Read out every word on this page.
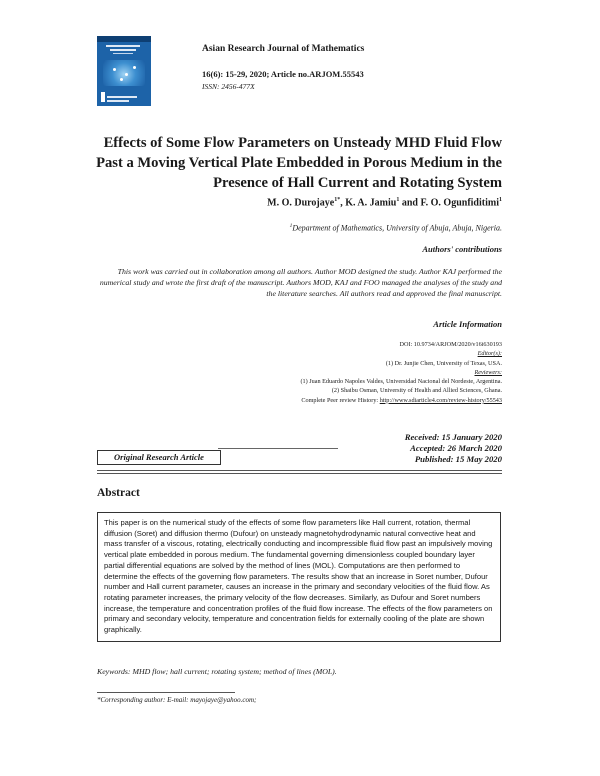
Asian Research Journal of Mathematics
16(6): 15-29, 2020; Article no.ARJOM.55543
ISSN: 2456-477X
Effects of Some Flow Parameters on Unsteady MHD Fluid Flow Past a Moving Vertical Plate Embedded in Porous Medium in the Presence of Hall Current and Rotating System
M. O. Durojaye$^{1*}$, K. A. Jamiu$^1$ and F. O. Ogunfiditimi$^1$
$^1$Department of Mathematics, University of Abuja, Abuja, Nigeria.
Authors' contributions
This work was carried out in collaboration among all authors. Author MOD designed the study. Author KAJ performed the numerical study and wrote the first draft of the manuscript. Authors MOD, KAJ and FOO managed the analyses of the study and the literature searches. All authors read and approved the final manuscript.
Article Information
DOI: 10.9734/ARJOM/2020/v16i630193
Editor(s):
(1) Dr. Junjie Chen, University of Texas, USA.
Reviewers:
(1) Juan Eduardo Napoles Valdes, Universidad Nacional del Nordeste, Argentina.
(2) Shaibu Osman, University of Health and Allied Sciences, Ghana.
Complete Peer review History: http://www.sdiarticle4.com/review-history/55543
Received: 15 January 2020
Accepted: 26 March 2020
Published: 15 May 2020
Original Research Article
Abstract
This paper is on the numerical study of the effects of some flow parameters like Hall current, rotation, thermal diffusion (Soret) and diffusion thermo (Dufour) on unsteady magnetohydrodynamic natural convective heat and mass transfer of a viscous, rotating, electrically conducting and incompressible fluid flow past an impulsively moving vertical plate embedded in porous medium. The fundamental governing dimensionless coupled boundary layer partial differential equations are solved by the method of lines (MOL). Computations are then performed to determine the effects of the governing flow parameters. The results show that an increase in Soret number, Dufour number and Hall current parameter, causes an increase in the primary and secondary velocities of the fluid flow. As rotating parameter increases, the primary velocity of the flow decreases. Similarly, as Dufour and Soret numbers increase, the temperature and concentration profiles of the fluid flow increase. The effects of the flow parameters on primary and secondary velocity, temperature and concentration fields for externally cooling of the plate are shown graphically.
Keywords: MHD flow; hall current; rotating system; method of lines (MOL).
*Corresponding author: E-mail: mayojaye@yahoo.com;
